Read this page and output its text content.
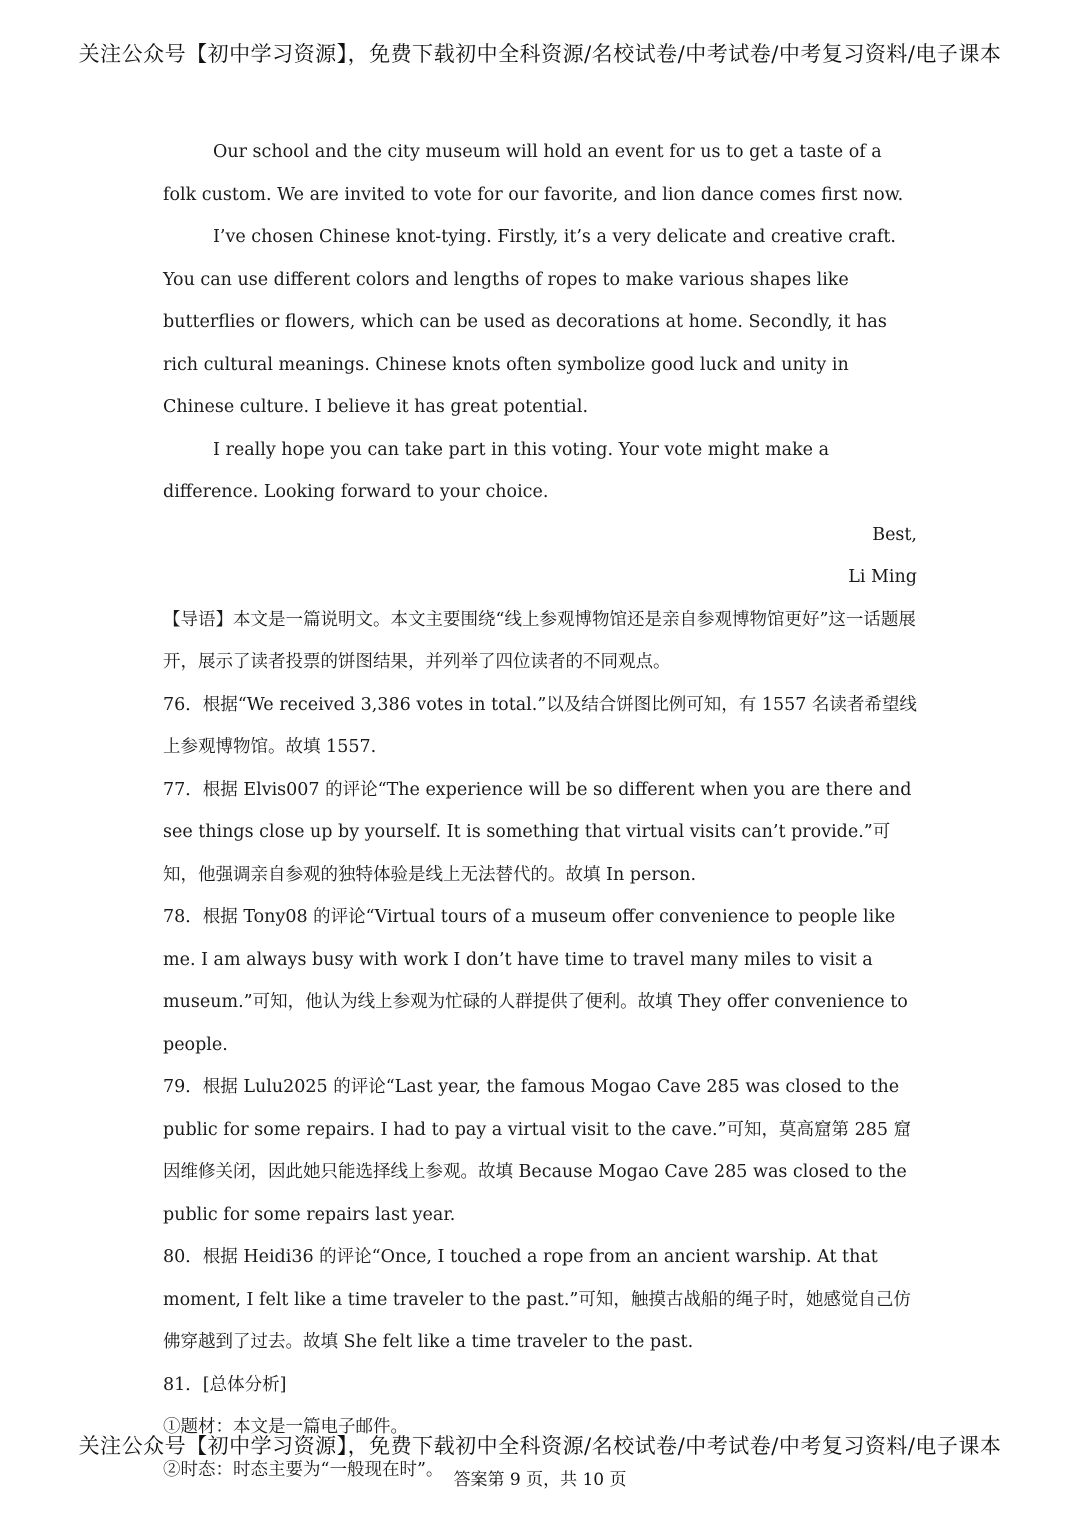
关注公众号【初中学习资源】，免费下载初中全科资源/名校试卷/中考试卷/中考复习资料/电子课本

Our school and the city museum will hold an event for us to get a taste of a folk custom. We are invited to vote for our favorite, and lion dance comes first now.

I’ve chosen Chinese knot-tying. Firstly, it’s a very delicate and creative craft. You can use different colors and lengths of ropes to make various shapes like butterflies or flowers, which can be used as decorations at home. Secondly, it has rich cultural meanings. Chinese knots often symbolize good luck and unity in Chinese culture. I believe it has great potential.

I really hope you can take part in this voting. Your vote might make a difference. Looking forward to your choice.

Best,

Li Ming

【导语】本文是一篇说明文。本文主要围绕“线上参观博物馆还是亲自参观博物馆更好”这一话题展开，展示了读者投票的饼图结果，并列举了四位读者的不同观点。

76．根据“We received 3,386 votes in total.”以及结合饼图比例可知，有 1557 名读者希望线上参观博物馆。故填 1557.

77．根据 Elvis007 的评论“The experience will be so different when you are there and see things close up by yourself. It is something that virtual visits can’t provide.”可知，他强调亲自参观的独特体验是线上无法替代的。故填 In person.

78．根据 Tony08 的评论“Virtual tours of a museum offer convenience to people like me. I am always busy with work I don’t have time to travel many miles to visit a museum.”可知，他认为线上参观为忙碌的人群提供了便利。故填 They offer convenience to people.

79．根据 Lulu2025 的评论“Last year, the famous Mogao Cave 285 was closed to the public for some repairs. I had to pay a virtual visit to the cave.”可知，莫高窟第 285 窟因维修关闭，因此她只能选择线上参观。故填 Because Mogao Cave 285 was closed to the public for some repairs last year.

80．根据 Heidi36 的评论“Once, I touched a rope from an ancient warship. At that moment, I felt like a time traveler to the past.”可知，触摸古战船的绳子时，她感觉自己仿佛穿越到了过去。故填 She felt like a time traveler to the past.

81．[总体分析]

①题材：本文是一篇电子邮件。

②时态：时态主要为“一般现在时”。

关注公众号【初中学习资源】，免费下载初中全科资源/名校试卷/中考试卷/中考复习资料/电子课本
答案第 9 页，共 10 页
